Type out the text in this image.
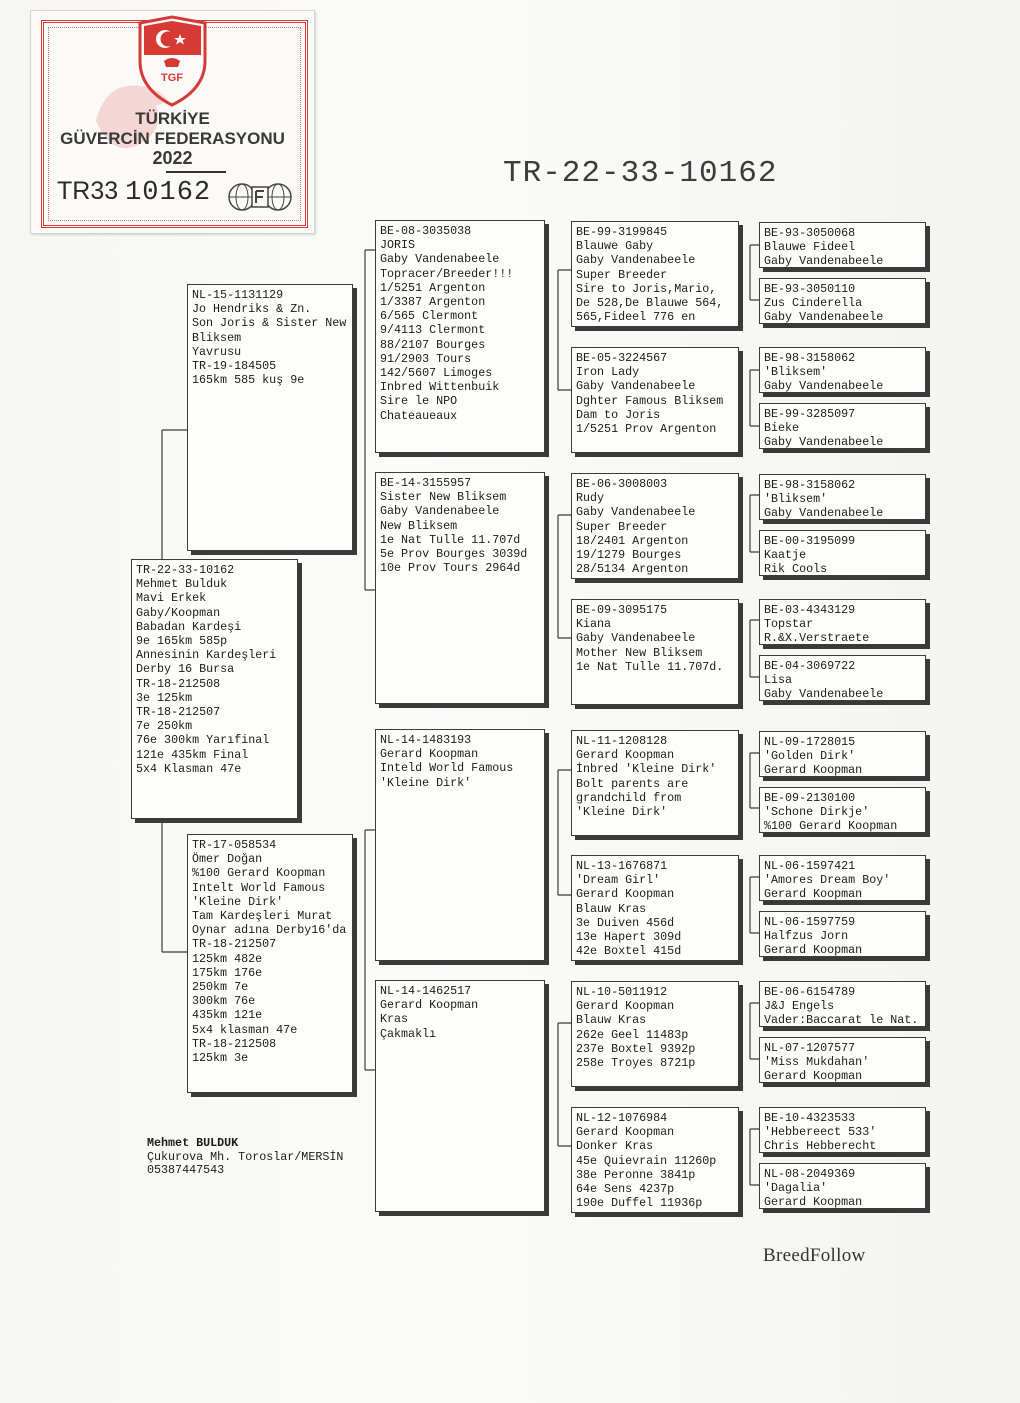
TGF
TÜRKİYE
GÜVERCİN FEDERASYONU
2022
TR33 10162
TR-22-33-10162
TR-22-33-10162
Mehmet Bulduk
Mavi Erkek
Gaby/Koopman
Babadan Kardeşi
9e 165km 585p
Annesinin Kardeşleri
Derby 16 Bursa
TR-18-212508
3e 125km
TR-18-212507
7e 250km
76e 300km Yarıfinal
121e 435km Final
5x4 Klasman 47e
NL-15-1131129
Jo Hendriks & Zn.
Son Joris & Sister New
Bliksem
Yavrusu
TR-19-184505
165km 585 kuş 9e
TR-17-058534
Ömer Doğan
%100 Gerard Koopman
Intelt World Famous
'Kleine Dirk'
Tam Kardeşleri Murat
Oynar adına Derby16'da
TR-18-212507
125km 482e
175km 176e
250km 7e
300km 76e
435km 121e
5x4 klasman 47e
TR-18-212508
125km 3e
BE-08-3035038
JORIS
Gaby Vandenabeele
Topracer/Breeder!!!
1/5251 Argenton
1/3387 Argenton
6/565 Clermont
9/4113 Clermont
88/2107 Bourges
91/2903 Tours
142/5607 Limoges
Inbred Wittenbuik
Sire le NPO
Chateaueaux
BE-14-3155957
Sister New Bliksem
Gaby Vandenabeele
New Bliksem
1e Nat Tulle 11.707d
5e Prov Bourges 3039d
10e Prov Tours 2964d
NL-14-1483193
Gerard Koopman
Inteld World Famous
'Kleine Dirk'
NL-14-1462517
Gerard Koopman
Kras
Çakmaklı
BE-99-3199845
Blauwe Gaby
Gaby Vandenabeele
Super Breeder
Sire to Joris,Mario,
De 528,De Blauwe 564,
565,Fideel 776 en
BE-05-3224567
Iron Lady
Gaby Vandenabeele
Dghter Famous Bliksem
Dam to Joris
1/5251 Prov Argenton
BE-06-3008003
Rudy
Gaby Vandenabeele
Super Breeder
18/2401 Argenton
19/1279 Bourges
28/5134 Argenton
BE-09-3095175
Kiana
Gaby Vandenabeele
Mother New Bliksem
1e Nat Tulle 11.707d.
NL-11-1208128
Gerard Koopman
İnbred 'Kleine Dirk'
Bolt parents are
grandchild from
'Kleine Dirk'
NL-13-1676871
'Dream Girl'
Gerard Koopman
Blauw Kras
3e Duiven 456d
13e Hapert 309d
42e Boxtel 415d
NL-10-5011912
Gerard Koopman
Blauw Kras
262e Geel 11483p
237e Boxtel 9392p
258e Troyes 8721p
NL-12-1076984
Gerard Koopman
Donker Kras
45e Quievrain 11260p
38e Peronne 3841p
64e Sens 4237p
190e Duffel 11936p
BE-93-3050068
Blauwe Fideel
Gaby Vandenabeele
BE-93-3050110
Zus Cinderella
Gaby Vandenabeele
BE-98-3158062
'Bliksem'
Gaby Vandenabeele
BE-99-3285097
Bieke
Gaby Vandenabeele
BE-98-3158062
'Bliksem'
Gaby Vandenabeele
BE-00-3195099
Kaatje
Rik Cools
BE-03-4343129
Topstar
R.&X.Verstraete
BE-04-3069722
Lisa
Gaby Vandenabeele
NL-09-1728015
'Golden Dirk'
Gerard Koopman
BE-09-2130100
'Schone Dirkje'
%100 Gerard Koopman
NL-06-1597421
'Amores Dream Boy'
Gerard Koopman
NL-06-1597759
Halfzus Jorn
Gerard Koopman
BE-06-6154789
J&J Engels
Vader:Baccarat le Nat.
NL-07-1207577
'Miss Mukdahan'
Gerard Koopman
BE-10-4323533
'Hebbereect 533'
Chris Hebberecht
NL-08-2049369
'Dagalia'
Gerard Koopman
Mehmet BULDUK
Çukurova Mh. Toroslar/MERSİN
05387447543
BreedFollow
